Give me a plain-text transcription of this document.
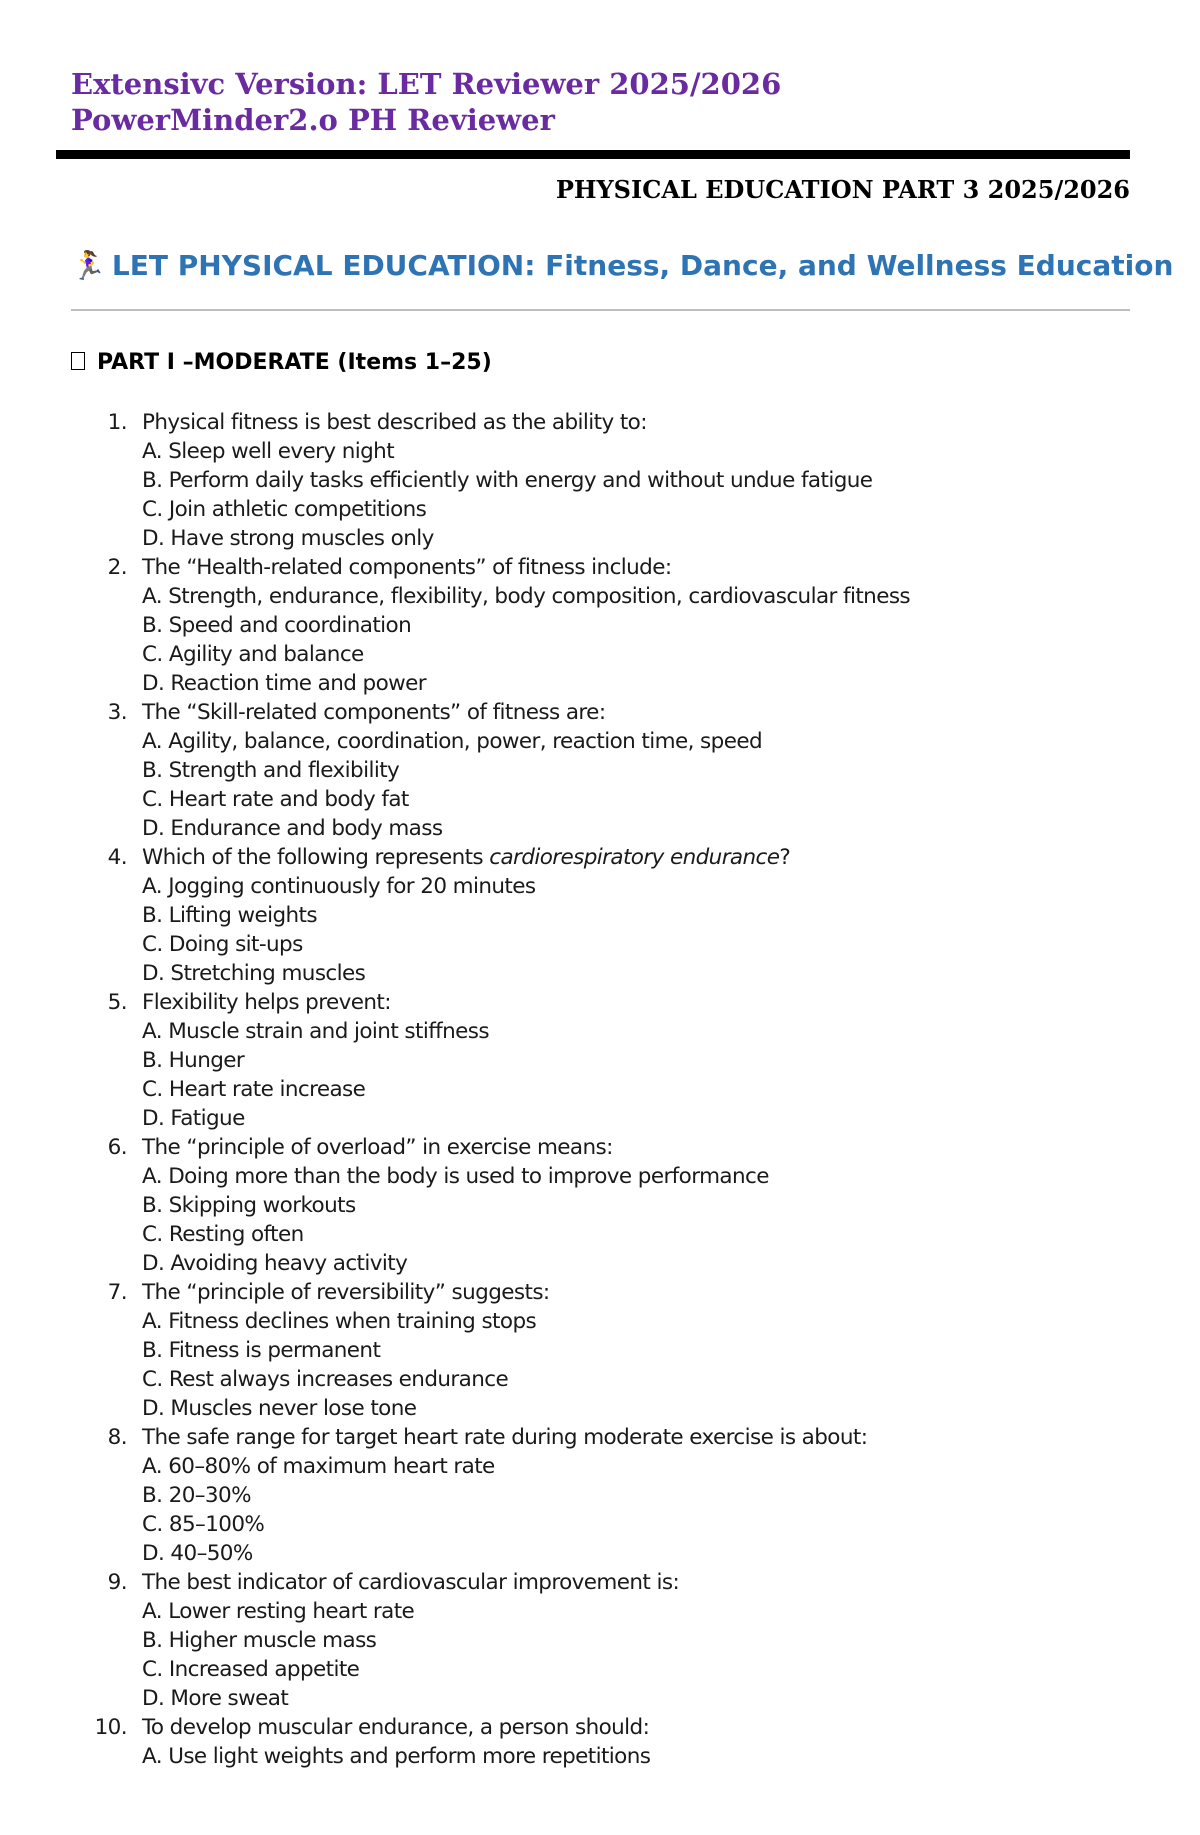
Extensivc Version: LET Reviewer 2025/2026
PowerMinder2.o PH Reviewer
PHYSICAL EDUCATION PART 3 2025/2026
🏃‍♀️ LET PHYSICAL EDUCATION: Fitness, Dance, and Wellness Education
PART I –MODERATE (Items 1–25)
1. Physical fitness is best described as the ability to:
A. Sleep well every night
B. Perform daily tasks efficiently with energy and without undue fatigue
C. Join athletic competitions
D. Have strong muscles only
2. The “Health-related components” of fitness include:
A. Strength, endurance, flexibility, body composition, cardiovascular fitness
B. Speed and coordination
C. Agility and balance
D. Reaction time and power
3. The “Skill-related components” of fitness are:
A. Agility, balance, coordination, power, reaction time, speed
B. Strength and flexibility
C. Heart rate and body fat
D. Endurance and body mass
4. Which of the following represents cardiorespiratory endurance?
A. Jogging continuously for 20 minutes
B. Lifting weights
C. Doing sit-ups
D. Stretching muscles
5. Flexibility helps prevent:
A. Muscle strain and joint stiffness
B. Hunger
C. Heart rate increase
D. Fatigue
6. The “principle of overload” in exercise means:
A. Doing more than the body is used to improve performance
B. Skipping workouts
C. Resting often
D. Avoiding heavy activity
7. The “principle of reversibility” suggests:
A. Fitness declines when training stops
B. Fitness is permanent
C. Rest always increases endurance
D. Muscles never lose tone
8. The safe range for target heart rate during moderate exercise is about:
A. 60–80% of maximum heart rate
B. 20–30%
C. 85–100%
D. 40–50%
9. The best indicator of cardiovascular improvement is:
A. Lower resting heart rate
B. Higher muscle mass
C. Increased appetite
D. More sweat
10. To develop muscular endurance, a person should:
A. Use light weights and perform more repetitions
